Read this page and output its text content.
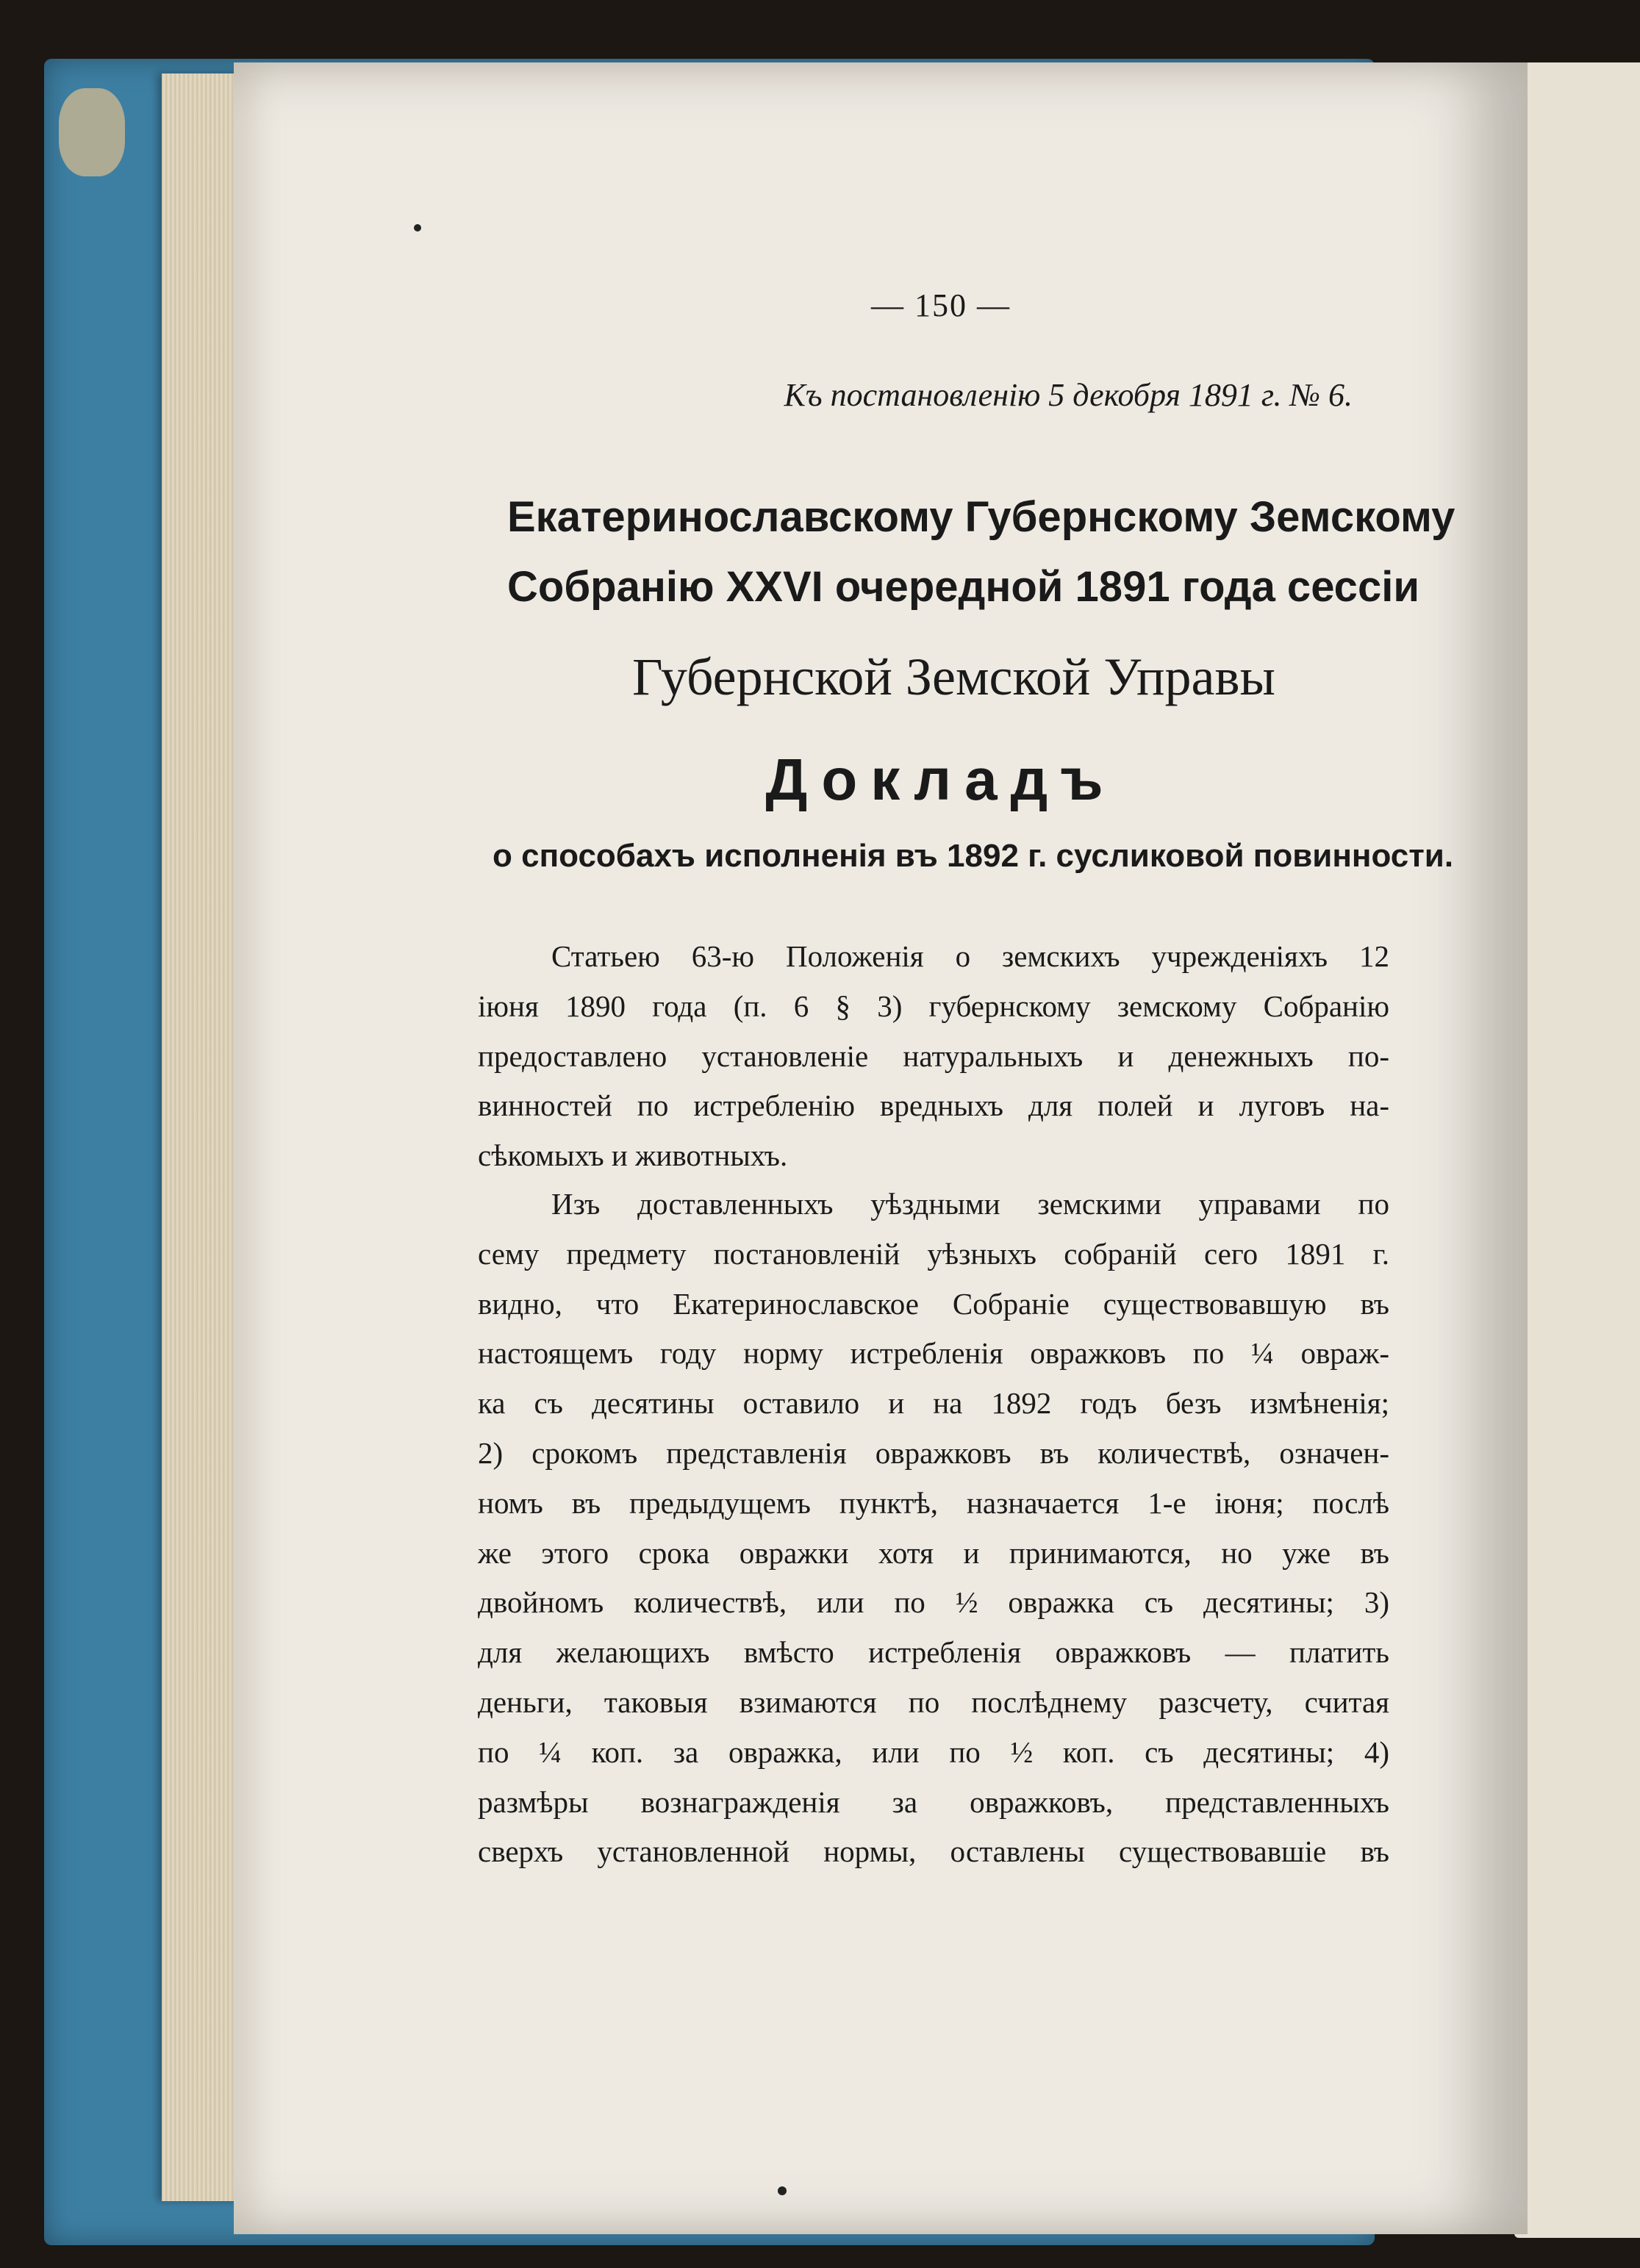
— 150 —
Къ постановленію 5 декобря 1891 г. № 6.
Екатеринославскому Губернскому Земскому
Собранію XXVI очередной 1891 года сессіи
Губернской Земской Управы
Докладъ
о способахъ исполненія въ 1892 г. сусликовой повинности.
Статьею 63-ю Положенія о земскихъ учрежденіяхъ 12
іюня 1890 года (п. 6 § 3) губернскому земскому Собранію
предоставлено установленіе натуральныхъ и денежныхъ по-
винностей по истребленію вредныхъ для полей и луговъ на-
сѣкомыхъ и животныхъ.
Изъ доставленныхъ уѣздными земскими управами по
сему предмету постановленій уѣзныхъ собраній сего 1891 г.
видно, что Екатеринославское Собраніе существовавшую въ
настоящемъ году норму истребленія овражковъ по ¼ овраж-
ка съ десятины оставило и на 1892 годъ безъ измѣненія;
2) срокомъ представленія овражковъ въ количествѣ, означен-
номъ въ предыдущемъ пунктѣ, назначается 1-е іюня; послѣ
же этого срока овражки хотя и принимаются, но уже въ
двойномъ количествѣ, или по ½ овражка съ десятины; 3)
для желающихъ вмѣсто истребленія овражковъ — платить
деньги, таковыя взимаются по послѣднему разсчету, считая
по ¼ коп. за овражка, или по ½ коп. съ десятины; 4)
размѣры вознагражденія за овражковъ, представленныхъ
сверхъ установленной нормы, оставлены существовавшіе въ
